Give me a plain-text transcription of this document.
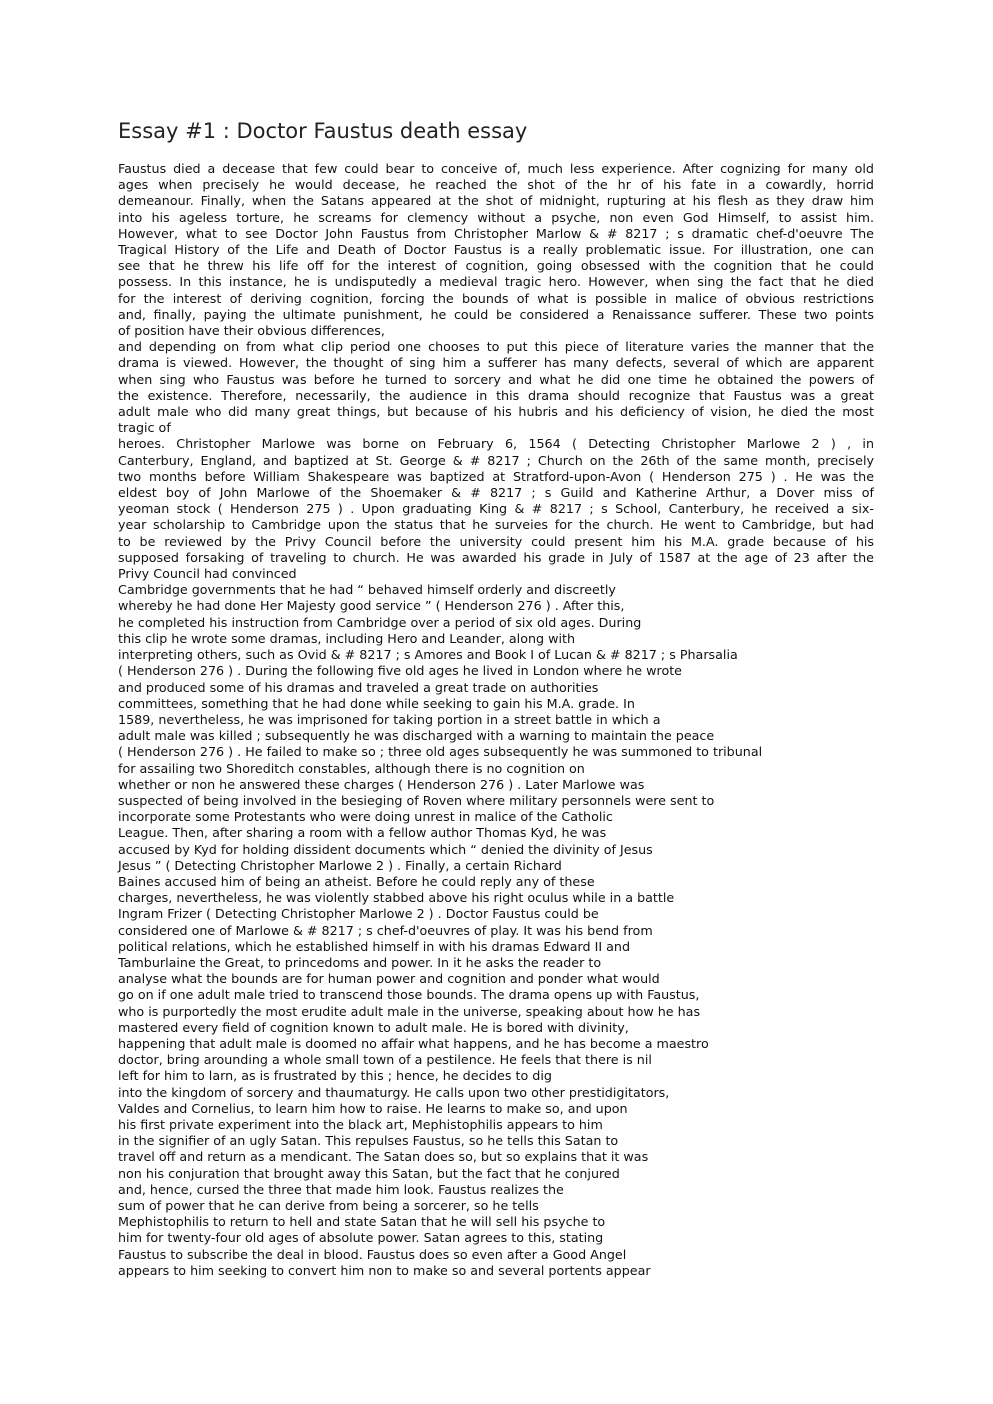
Essay #1 : Doctor Faustus death essay
Faustus died a decease that few could bear to conceive of, much less experience. After cognizing for many old
ages when precisely he would decease, he reached the shot of the hr of his fate in a cowardly, horrid
demeanour. Finally, when the Satans appeared at the shot of midnight, rupturing at his flesh as they draw him
into his ageless torture, he screams for clemency without a psyche, non even God Himself, to assist him.
However, what to see Doctor John Faustus from Christopher Marlow & # 8217 ; s dramatic chef-d'oeuvre The
Tragical History of the Life and Death of Doctor Faustus is a really problematic issue. For illustration, one can
see that he threw his life off for the interest of cognition, going obsessed with the cognition that he could
possess. In this instance, he is undisputedly a medieval tragic hero. However, when sing the fact that he died
for the interest of deriving cognition, forcing the bounds of what is possible in malice of obvious restrictions
and, finally, paying the ultimate punishment, he could be considered a Renaissance sufferer. These two points
of position have their obvious differences,
and depending on from what clip period one chooses to put this piece of literature varies the manner that the
drama is viewed. However, the thought of sing him a sufferer has many defects, several of which are apparent
when sing who Faustus was before he turned to sorcery and what he did one time he obtained the powers of
the existence. Therefore, necessarily, the audience in this drama should recognize that Faustus was a great
adult male who did many great things, but because of his hubris and his deficiency of vision, he died the most
tragic of
heroes. Christopher Marlowe was borne on February 6, 1564 ( Detecting Christopher Marlowe 2 ) , in
Canterbury, England, and baptized at St. George & # 8217 ; Church on the 26th of the same month, precisely
two months before William Shakespeare was baptized at Stratford-upon-Avon ( Henderson 275 ) . He was the
eldest boy of John Marlowe of the Shoemaker & # 8217 ; s Guild and Katherine Arthur, a Dover miss of
yeoman stock ( Henderson 275 ) . Upon graduating King & # 8217 ; s School, Canterbury, he received a six-
year scholarship to Cambridge upon the status that he surveies for the church. He went to Cambridge, but had
to be reviewed by the Privy Council before the university could present him his M.A. grade because of his
supposed forsaking of traveling to church. He was awarded his grade in July of 1587 at the age of 23 after the
Privy Council had convinced
Cambridge governments that he had “ behaved himself orderly and discreetly
whereby he had done Her Majesty good service ” ( Henderson 276 ) . After this,
he completed his instruction from Cambridge over a period of six old ages. During
this clip he wrote some dramas, including Hero and Leander, along with
interpreting others, such as Ovid & # 8217 ; s Amores and Book I of Lucan & # 8217 ; s Pharsalia
( Henderson 276 ) . During the following five old ages he lived in London where he wrote
and produced some of his dramas and traveled a great trade on authorities
committees, something that he had done while seeking to gain his M.A. grade. In
1589, nevertheless, he was imprisoned for taking portion in a street battle in which a
adult male was killed ; subsequently he was discharged with a warning to maintain the peace
( Henderson 276 ) . He failed to make so ; three old ages subsequently he was summoned to tribunal
for assailing two Shoreditch constables, although there is no cognition on
whether or non he answered these charges ( Henderson 276 ) . Later Marlowe was
suspected of being involved in the besieging of Roven where military personnels were sent to
incorporate some Protestants who were doing unrest in malice of the Catholic
League. Then, after sharing a room with a fellow author Thomas Kyd, he was
accused by Kyd for holding dissident documents which “ denied the divinity of Jesus
Jesus ” ( Detecting Christopher Marlowe 2 ) . Finally, a certain Richard
Baines accused him of being an atheist. Before he could reply any of these
charges, nevertheless, he was violently stabbed above his right oculus while in a battle
Ingram Frizer ( Detecting Christopher Marlowe 2 ) . Doctor Faustus could be
considered one of Marlowe & # 8217 ; s chef-d'oeuvres of play. It was his bend from
political relations, which he established himself in with his dramas Edward II and
Tamburlaine the Great, to princedoms and power. In it he asks the reader to
analyse what the bounds are for human power and cognition and ponder what would
go on if one adult male tried to transcend those bounds. The drama opens up with Faustus,
who is purportedly the most erudite adult male in the universe, speaking about how he has
mastered every field of cognition known to adult male. He is bored with divinity,
happening that adult male is doomed no affair what happens, and he has become a maestro
doctor, bring arounding a whole small town of a pestilence. He feels that there is nil
left for him to larn, as is frustrated by this ; hence, he decides to dig
into the kingdom of sorcery and thaumaturgy. He calls upon two other prestidigitators,
Valdes and Cornelius, to learn him how to raise. He learns to make so, and upon
his first private experiment into the black art, Mephistophilis appears to him
in the signifier of an ugly Satan. This repulses Faustus, so he tells this Satan to
travel off and return as a mendicant. The Satan does so, but so explains that it was
non his conjuration that brought away this Satan, but the fact that he conjured
and, hence, cursed the three that made him look. Faustus realizes the
sum of power that he can derive from being a sorcerer, so he tells
Mephistophilis to return to hell and state Satan that he will sell his psyche to
him for twenty-four old ages of absolute power. Satan agrees to this, stating
Faustus to subscribe the deal in blood. Faustus does so even after a Good Angel
appears to him seeking to convert him non to make so and several portents appear
